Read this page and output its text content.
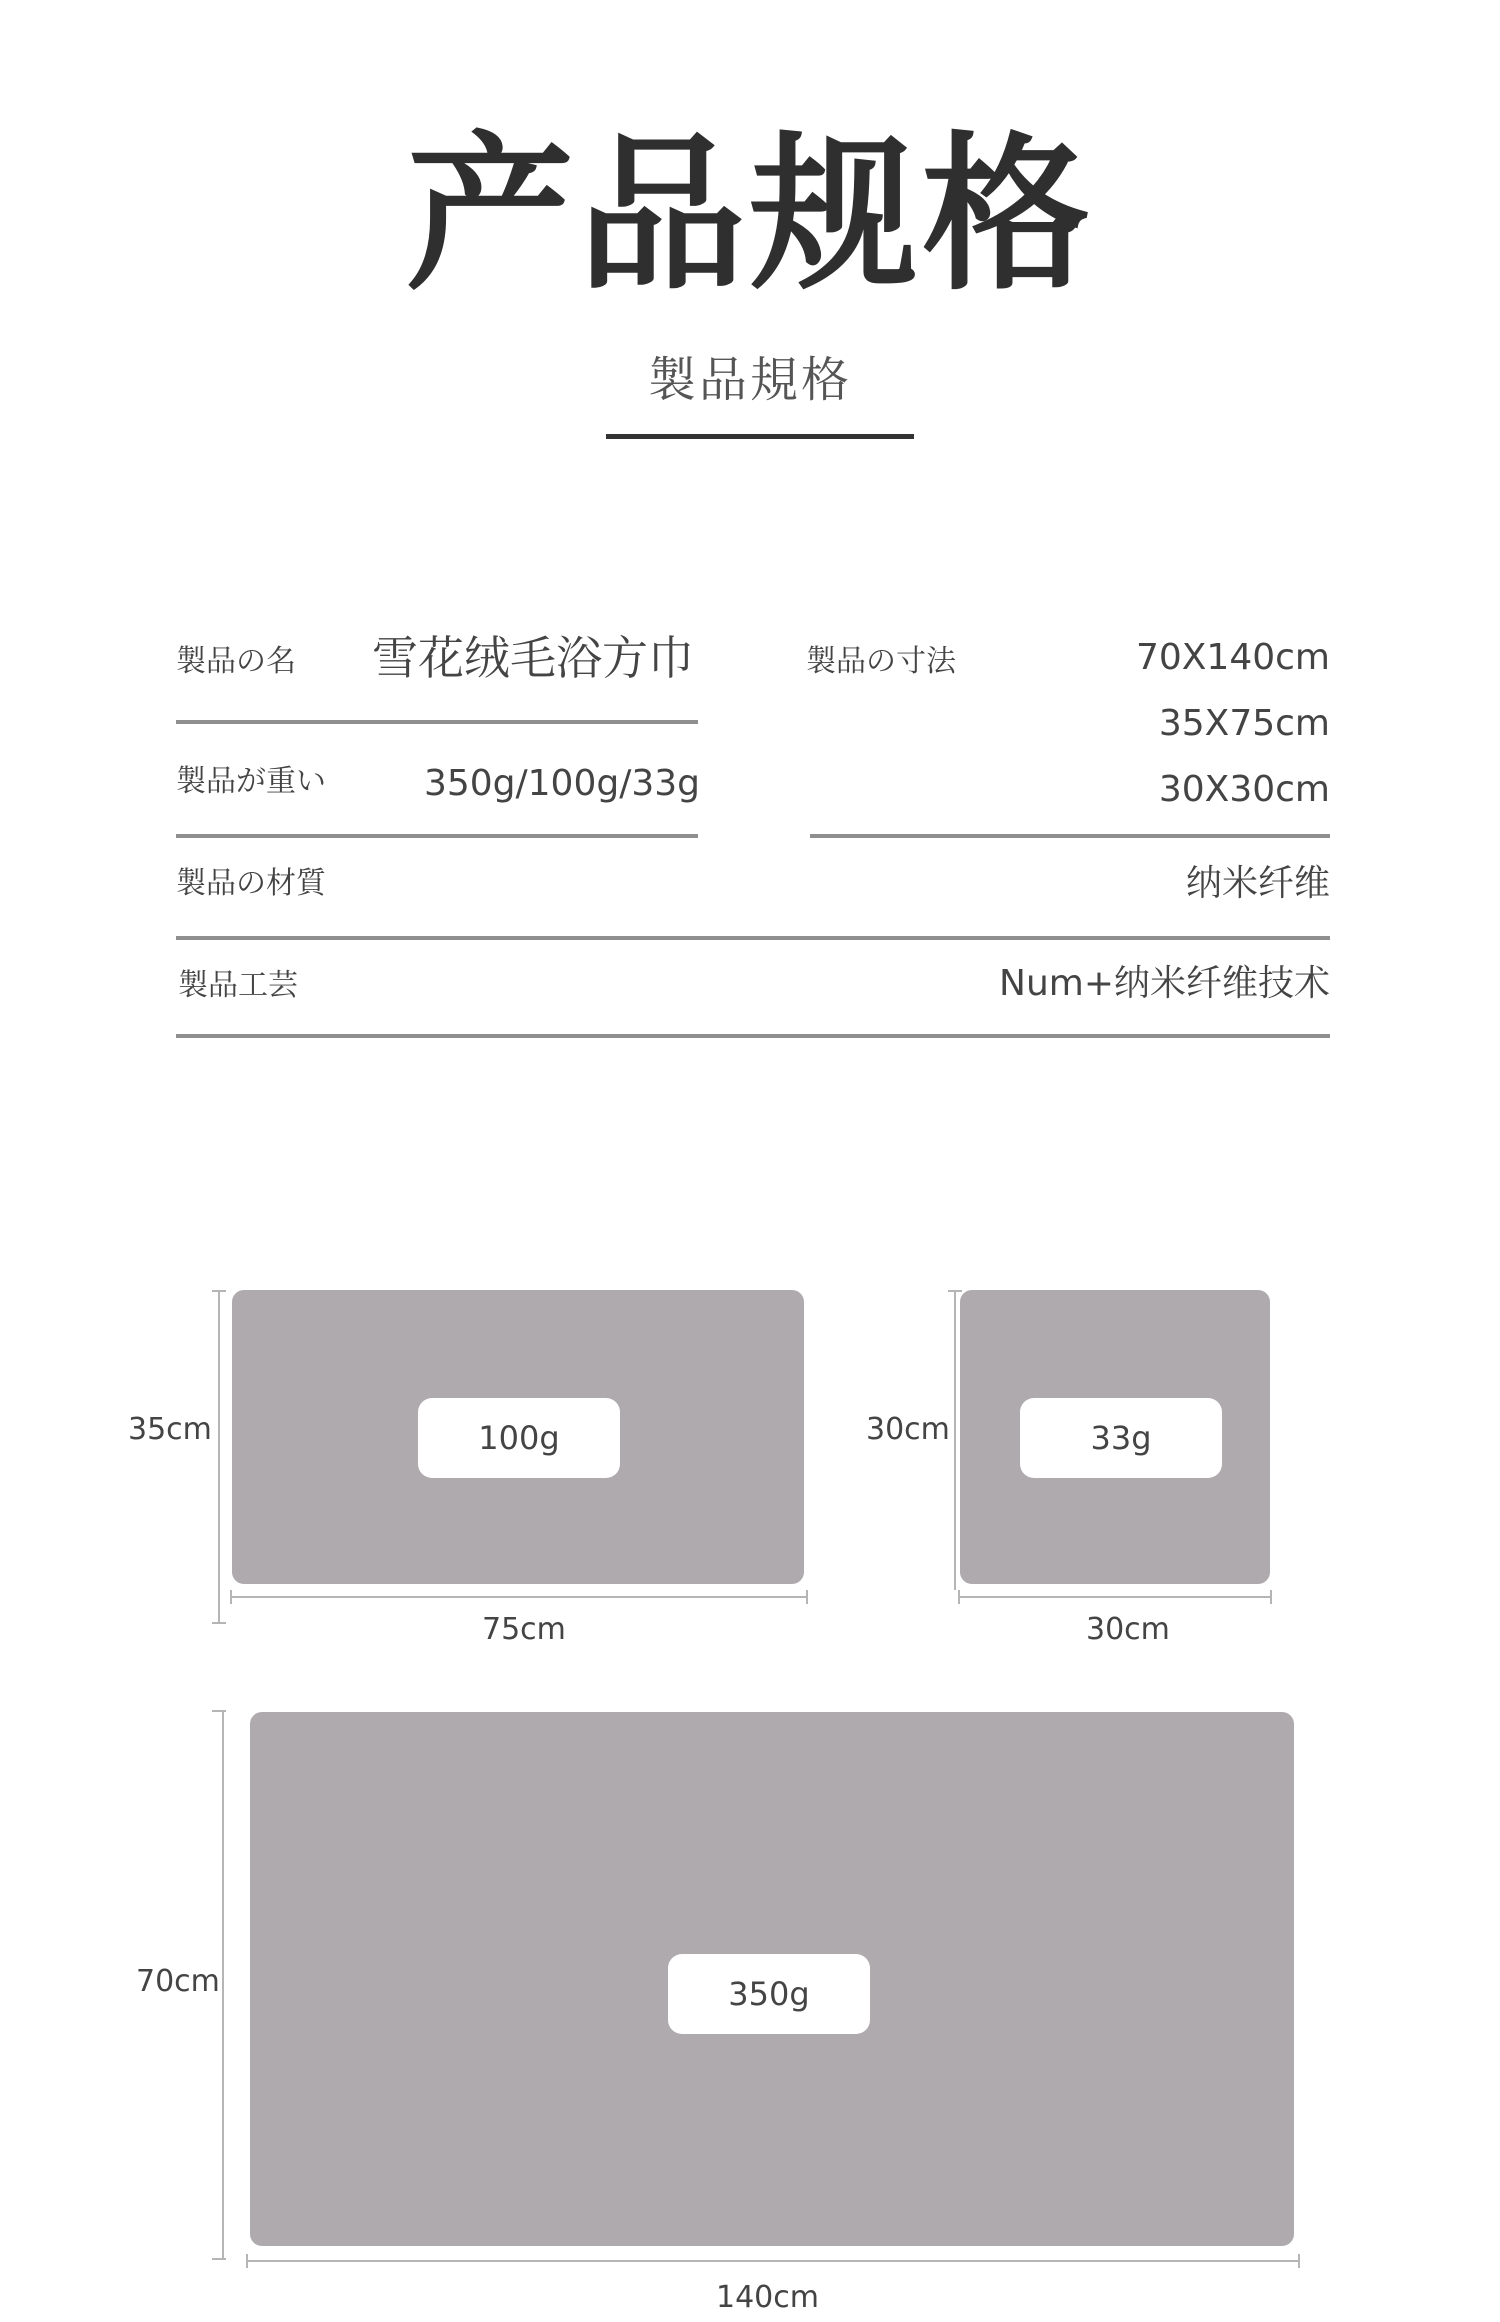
产品规格
製品規格
製品の名 雪花绒毛浴方巾	製品の寸法	70X140cm
35X75cm
30X30cm
製品が重い	350g/100g/33g
製品の材質	纳米纤维
製品工芸	Num+纳米纤维技术
35cm	100g
75cm
30cm	33g
30cm
70cm	350g
140cm
